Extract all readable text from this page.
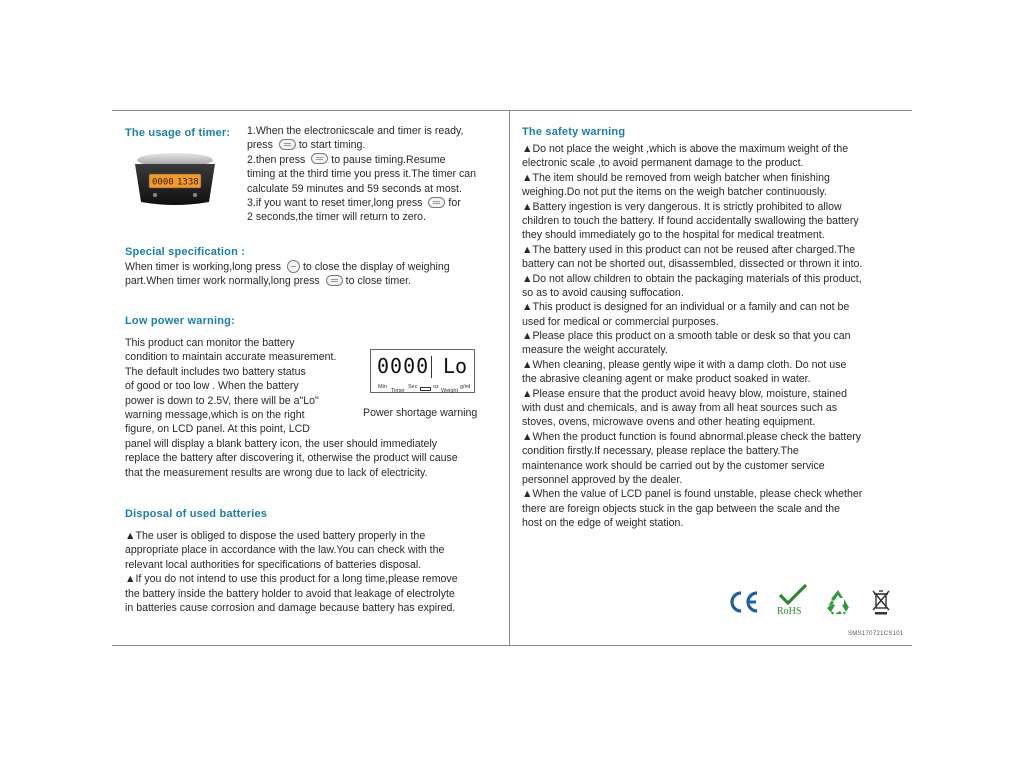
The usage of timer:
0000 1338
1.When the electronicscale and timer is ready,
press to start timing.
2.then press to pause timing.Resume
timing at the third time you press it.The timer can
calculate 59 minutes and 59 seconds at most.
3.if you want to reset timer,long press for
2 seconds,the timer will return to zero.
Special specification :
When timer is working,long press to close the display of weighing
part.When timer work normally,long press to close timer.
Low power warning:
This product can monitor the battery
condition to maintain accurate measurement.
The default includes two battery status
of good or too low . When the battery
power is down to 2.5V, there will be a"Lo"
warning message,which is on the right
figure, on LCD panel. At this point, LCD
panel will display a blank battery icon, the user should immediately
replace the battery after discovering it, otherwise the product will cause
that the measurement results are wrong due to lack of electricity.
0000 Lo
Min
Timer
Sec	oz
Weight
g/ml
Power shortage warning
Disposal of used batteries
▲The user is obliged to dispose the used battery properly in the
appropriate place in accordance with the law.You can check with the
relevant local authorities for specifications of batteries disposal.
▲If you do not intend to use this product for a long time,please remove
the battery inside the battery holder to avoid that leakage of electrolyte
in batteries cause corrosion and damage because battery has expired.
The safety warning
▲Do not place the weight ,which is above the maximum weight of the
electronic scale ,to avoid permanent damage to the product.
▲The item should be removed from weigh batcher when finishing
weighing.Do not put the items on the weigh batcher continuously.
▲Battery ingestion is very dangerous. It is strictly prohibited to allow
children to touch the battery. If found accidentally swallowing the battery
they should immediately go to the hospital for medical treatment.
▲The battery used in this product can not be reused after charged.The
battery can not be shorted out, disassembled, dissected or thrown it into.
▲Do not allow children to obtain the packaging materials of this product,
so as to avoid causing suffocation.
▲This product is designed for an individual or a family and can not be
used for medical or commercial purposes.
▲Please place this product on a smooth table or desk so that you can
measure the weight accurately.
▲When cleaning, please gently wipe it with a damp cloth. Do not use
the abrasive cleaning agent or make product soaked in water.
▲Please ensure that the product avoid heavy blow, moisture, stained
with dust and chemicals, and is away from all heat sources such as
stoves, ovens, microwave ovens and other heating equipment.
▲When the product function is found abnormal.please check the battery
condition firstly.If necessary, please replace the battery.The
maintenance work should be carried out by the customer service
personnel approved by the dealer.
▲When the value of LCD panel is found unstable, please check whether
there are foreign objects stuck in the gap between the scale and the
host on the edge of weight station.
RoHS
SMS170721CS101
